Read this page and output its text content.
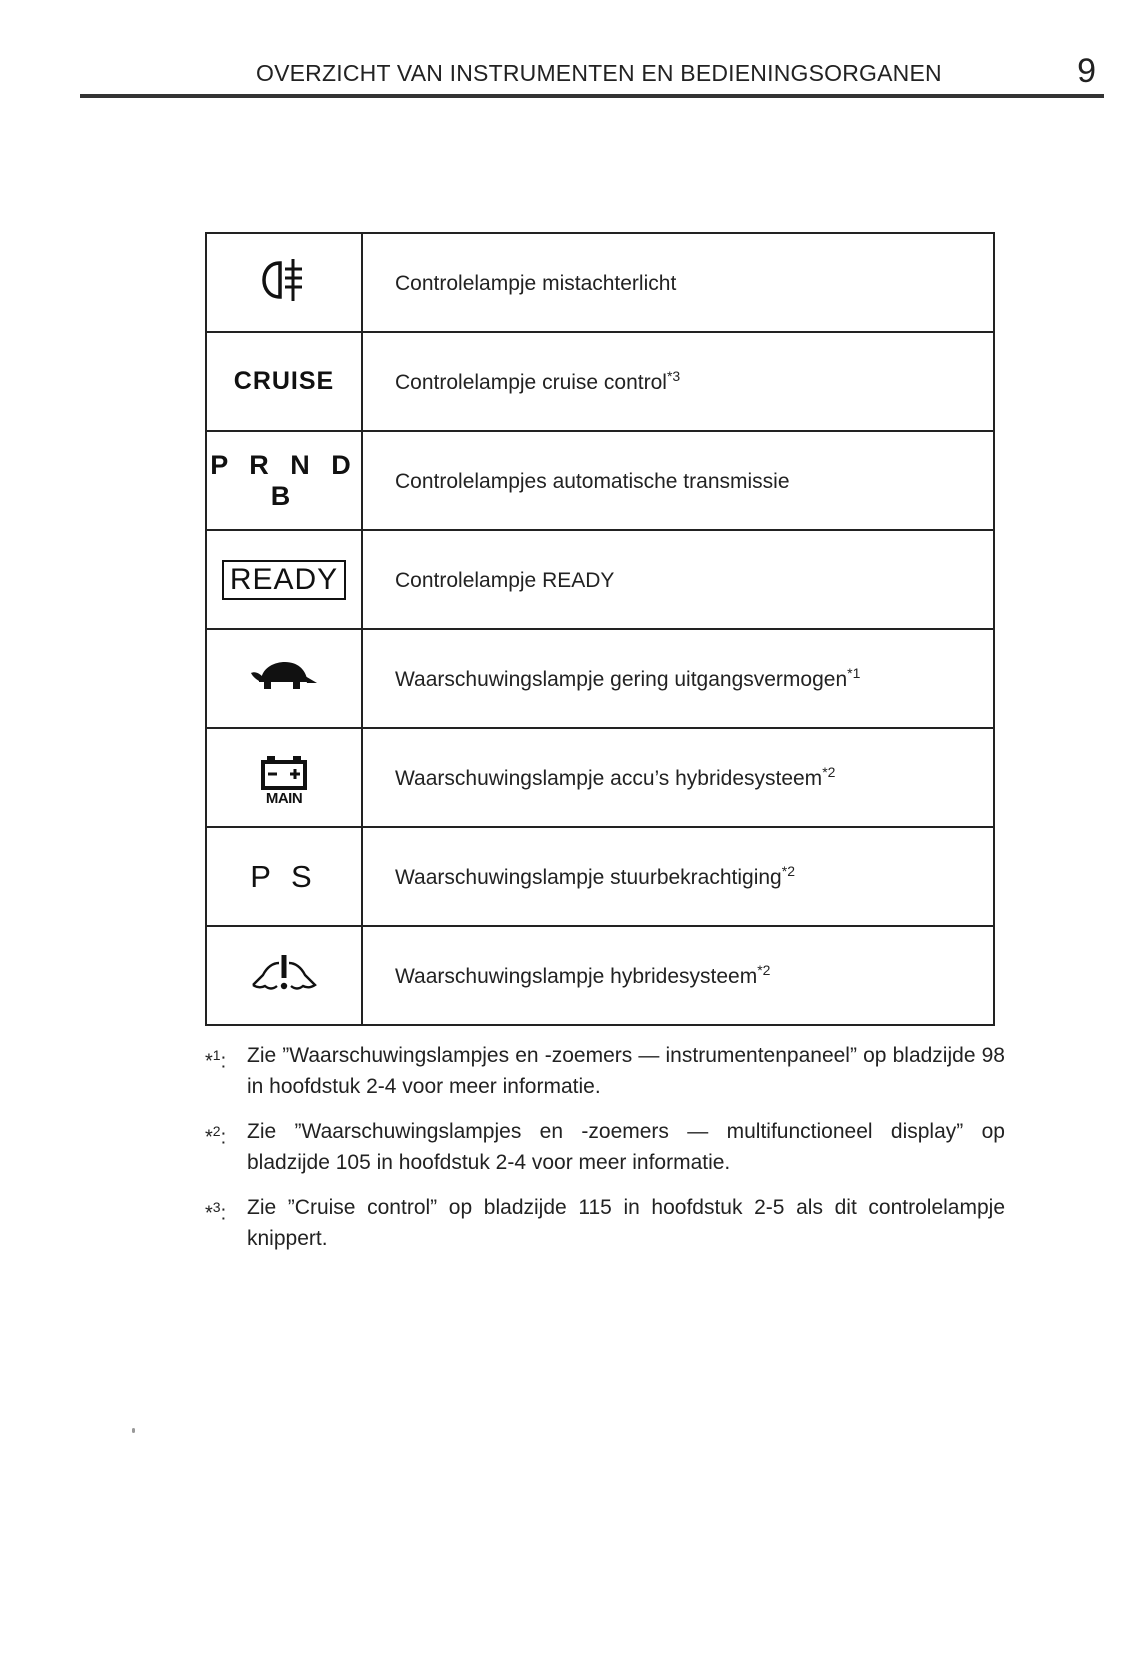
OVERZICHT VAN INSTRUMENTEN EN BEDIENINGSORGANEN	9
	Controlelampje mistachterlicht
CRUISE	Controlelampje cruise control$^{*3}$
P R N D B	Controlelampjes automatische transmissie
READY	Controlelampje READY
	Waarschuwingslampje gering uitgangsvermogen$^{*1}$

MAIN	Waarschuwingslampje accu’s hybridesysteem$^{*2}$
P S	Waarschuwingslampje stuurbekrachtiging$^{*2}$
	Waarschuwingslampje hybridesysteem$^{*2}$
*$^1$: Zie ”Waarschuwingslampjes en -zoemers — instrumentenpaneel” op bladzijde 98 in hoofdstuk 2-4 voor meer informatie.
*$^2$: Zie ”Waarschuwingslampjes en -zoemers — multifunctioneel display” op bladzijde 105 in hoofdstuk 2-4 voor meer informatie.
*$^3$: Zie ”Cruise control” op bladzijde 115 in hoofdstuk 2-5 als dit controlelampje knippert.
